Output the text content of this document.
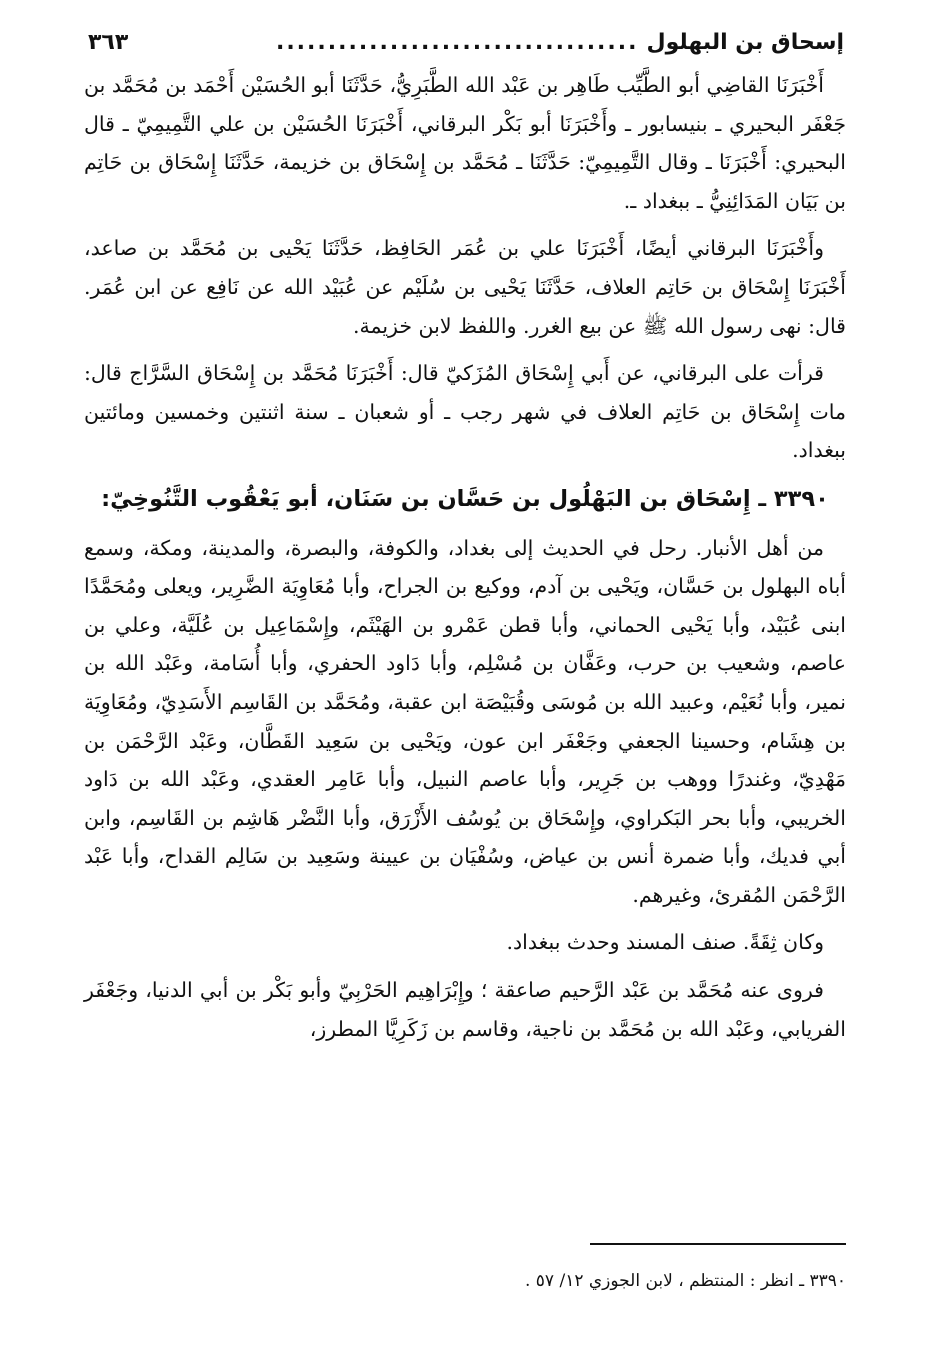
إسحاق بن البهلول
...................................
٣٦٣

أَخْبَرَنَا القاضِي أبو الطَّيِّب طَاهِر بن عَبْد الله الطَّبَرِيُّ، حَدَّثَنَا أبو الحُسَيْن أَحْمَد بن مُحَمَّد بن جَعْفَر البحيري ـ بنيسابور ـ وأَخْبَرَنَا أبو بَكْر البرقاني، أَخْبَرَنَا الحُسَيْن بن علي التَّمِيمِيّ ـ قال البحيري: أَخْبَرَنَا ـ وقال التَّمِيمِيّ: حَدَّثَنَا ـ مُحَمَّد بن إِسْحَاق بن خزيمة، حَدَّثَنَا إِسْحَاق بن حَاتِم بن بَيَان المَدَائِنِيُّ ـ ببغداد ـ.

وأَخْبَرَنَا البرقاني أيضًا، أَخْبَرَنَا علي بن عُمَر الحَافِظ، حَدَّثَنَا يَحْيى بن مُحَمَّد بن صاعد، أَخْبَرَنَا إِسْحَاق بن حَاتِم العلاف، حَدَّثَنَا يَحْيى بن سُلَيْم عن عُبَيْد الله عن نَافِع عن ابن عُمَر. قال: نهى رسول الله ﷺ عن بيع الغرر. واللفظ لابن خزيمة.

قرأت على البرقاني، عن أَبي إِسْحَاق المُزَكيّ قال: أَخْبَرَنَا مُحَمَّد بن إِسْحَاق السَّرَّاج قال: مات إِسْحَاق بن حَاتِم العلاف في شهر رجب ـ أو شعبان ـ سنة اثنتين وخمسين ومائتين ببغداد.

٣٣٩٠ ـ إِسْحَاق بن البَهْلُول بن حَسَّان بن سَنَان، أبو يَعْقُوب التَّنُوخِيّ:

من أهل الأنبار. رحل في الحديث إلى بغداد، والكوفة، والبصرة، والمدينة، ومكة، وسمع أباه البهلول بن حَسَّان، ويَحْيى بن آدم، ووكيع بن الجراح، وأبا مُعَاوِيَة الضَّرِير، ويعلى ومُحَمَّدًا ابنى عُبَيْد، وأبا يَحْيى الحماني، وأبا قطن عَمْرو بن الهَيْثَم، وإِسْمَاعِيل بن عُلَيَّة، وعلي بن عاصم، وشعيب بن حرب، وعَفَّان بن مُسْلِم، وأبا دَاود الحفري، وأبا أُسَامة، وعَبْد الله بن نمير، وأبا نُعَيْم، وعبيد الله بن مُوسَى وقُبَيْصَة ابن عقبة، ومُحَمَّد بن القَاسِم الأَسَدِيّ، ومُعَاوِيَة بن هِشَام، وحسينا الجعفي وجَعْفَر ابن عون، ويَحْيى بن سَعِيد القَطَّان، وعَبْد الرَّحْمَن بن مَهْدِيّ، وغندرًا ووهب بن جَرِير، وأبا عاصم النبيل، وأبا عَامِر العقدي، وعَبْد الله بن دَاود الخريبي، وأبا بحر البَكراوي، وإِسْحَاق بن يُوسُف الأَزْرَق، وأبا النَّضْر هَاشِم بن القَاسِم، وابن أبي فديك، وأبا ضمرة أنس بن عياض، وسُفْيَان بن عيينة وسَعِيد بن سَالِم القداح، وأبا عَبْد الرَّحْمَن المُقرئ، وغيرهم.

وكان ثِقَةً. صنف المسند وحدث ببغداد.

فروى عنه مُحَمَّد بن عَبْد الرَّحيم صاعقة ؛ وإِبْرَاهِيم الحَرْبِيّ وأبو بَكْر بن أبي الدنيا، وجَعْفَر الفريابي، وعَبْد الله بن مُحَمَّد بن ناجية، وقاسم بن زَكَرِيَّا المطرز،

٣٣٩٠ ـ انظر : المنتظم ، لابن الجوزي ١٢/ ٥٧ .
